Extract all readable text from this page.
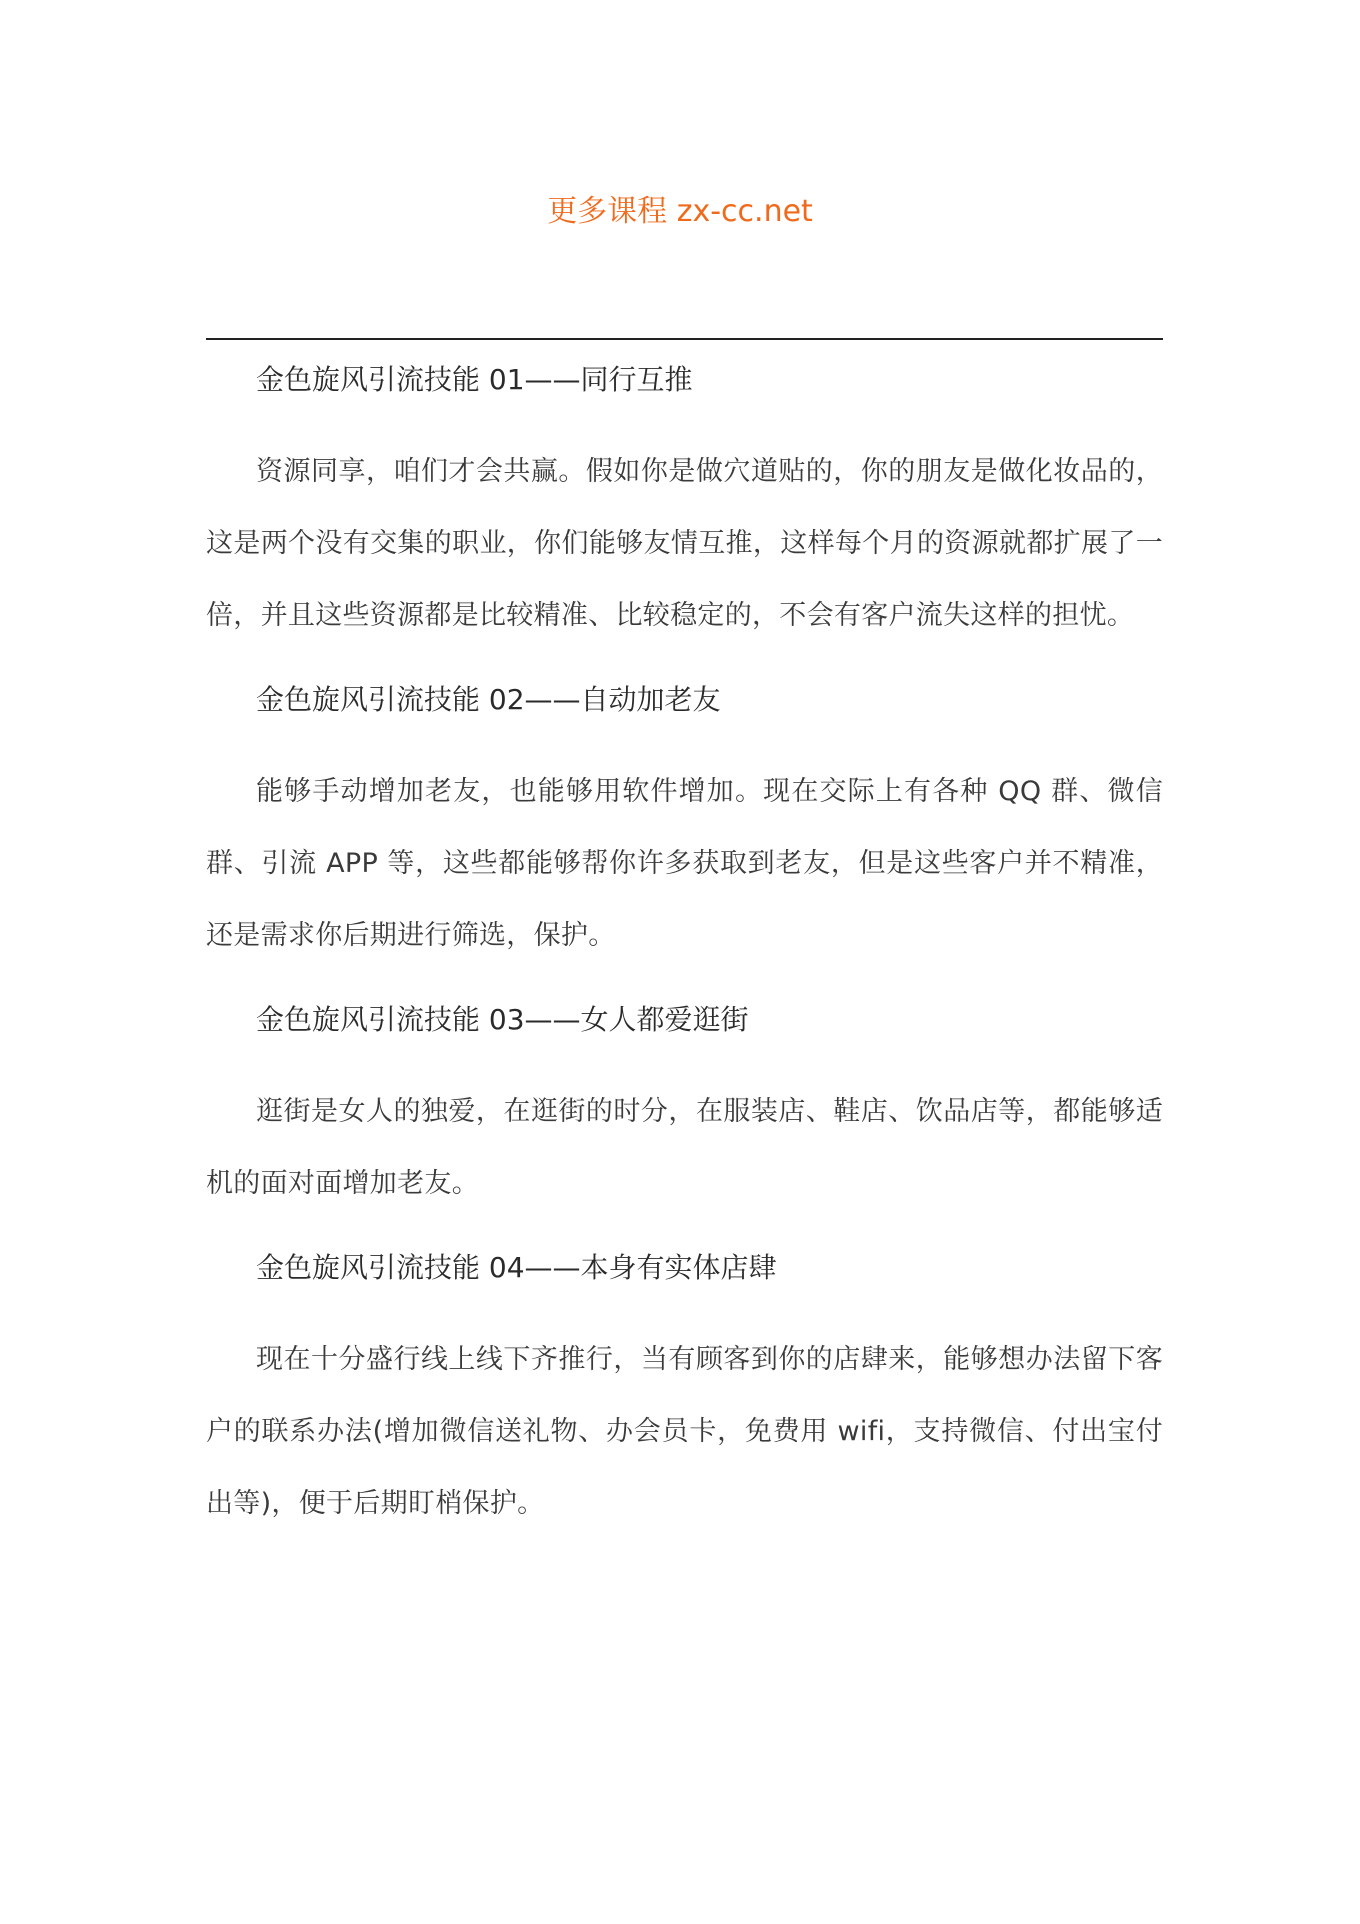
更多课程 zx-cc.net
金色旋风引流技能 01——同行互推

资源同享，咱们才会共赢。假如你是做穴道贴的，你的朋友是做化妆品的，这是两个没有交集的职业，你们能够友情互推，这样每个月的资源就都扩展了一倍，并且这些资源都是比较精准、比较稳定的，不会有客户流失这样的担忧。

金色旋风引流技能 02——自动加老友

能够手动增加老友，也能够用软件增加。现在交际上有各种 QQ 群、微信群、引流 APP 等，这些都能够帮你许多获取到老友，但是这些客户并不精准，还是需求你后期进行筛选，保护。

金色旋风引流技能 03——女人都爱逛街

逛街是女人的独爱，在逛街的时分，在服装店、鞋店、饮品店等，都能够适机的面对面增加老友。

金色旋风引流技能 04——本身有实体店肆

现在十分盛行线上线下齐推行，当有顾客到你的店肆来，能够想办法留下客户的联系办法(增加微信送礼物、办会员卡，免费用 wifi，支持微信、付出宝付出等)，便于后期盯梢保护。
